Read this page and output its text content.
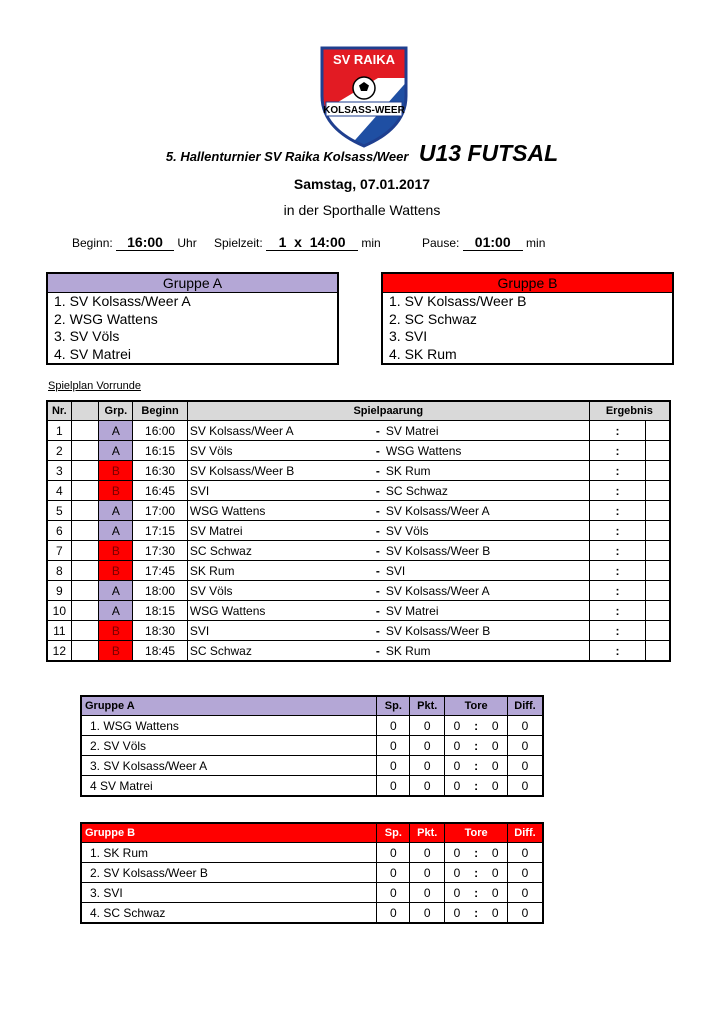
SV RAIKA
KOLSASS-WEER
5. Hallenturnier SV Raika Kolsass/Weer U13 FUTSAL
Samstag, 07.01.2017
in der Sporthalle Wattens
Beginn: 16:00 Uhr Spielzeit: 1  x  14:00 min	Pause: 01:00 min
Gruppe A
1. SV Kolsass/Weer A
2. WSG Wattens
3. SV Völs
4. SV Matrei
Gruppe B
1. SV Kolsass/Weer B
2. SC Schwaz
3. SVI
4. SK Rum
Spielplan Vorrunde
Nr.		Grp.	Beginn	Spielpaarung	Ergebnis	
1		A	16:00	SV Kolsass/Weer A - SV Matrei	:	
2		A	16:15	SV Völs - WSG Wattens	:	
3		B	16:30	SV Kolsass/Weer B - SK Rum	:	
4		B	16:45	SVI - SC Schwaz	:	
5		A	17:00	WSG Wattens - SV Kolsass/Weer A	:	
6		A	17:15	SV Matrei - SV Völs	:	
7		B	17:30	SC Schwaz - SV Kolsass/Weer B	:	
8		B	17:45	SK Rum - SVI	:	
9		A	18:00	SV Völs - SV Kolsass/Weer A	:	
10		A	18:15	WSG Wattens - SV Matrei	:	
11		B	18:30	SVI - SV Kolsass/Weer B	:	
12		B	18:45	SC Schwaz - SK Rum	:	
Gruppe A	Sp.	Pkt.	Tore			Diff.
1. WSG Wattens	0	0	0	:	0	0
2. SV Völs	0	0	0	:	0	0
3. SV Kolsass/Weer A	0	0	0	:	0	0
4 SV Matrei	0	0	0	:	0	0
Gruppe B	Sp.	Pkt.	Tore			Diff.
1. SK Rum	0	0	0	:	0	0
2. SV Kolsass/Weer B	0	0	0	:	0	0
3. SVI	0	0	0	:	0	0
4. SC Schwaz	0	0	0	:	0	0
